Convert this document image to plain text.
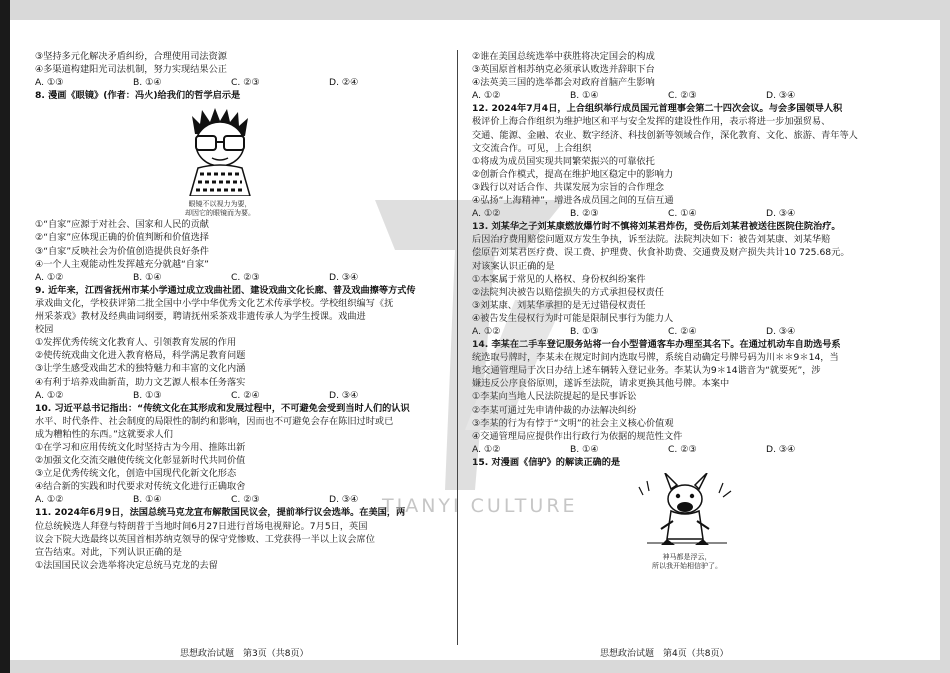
③坚持多元化解决矛盾纠纷，合理使用司法资源
④多渠道构建阳光司法机制，努力实现结果公正
A. ①③	B. ①④	C. ②③	D. ②④
8. 漫画《眼镜》(作者：冯火)给我们的哲学启示是
眼镜不以视力为要，
却因它的眼镜而为要。
①“自家”应源于对社会、国家和人民的贡献
②“自家”应体现正确的价值判断和价值选择
③“自家”反映社会为价值创造提供良好条件
④一个人主观能动性发挥越充分就越“自家”
A. ①②	B. ①④	C. ②③	D. ③④
9. 近年来，江西省抚州市某小学通过成立戏曲社团、建设戏曲文化长廊、普及戏曲擦等方式传
承戏曲文化，学校获评第二批全国中小学中华优秀文化艺术传承学校。学校组织编写《抚
州采茶戏》教材及经典曲词纲要，聘请抚州采茶戏非遗传承人为学生授课。戏曲进
校园
①发挥优秀传统文化教育人、引领教育发展的作用
②使传统戏曲文化进入教育格局，科学满足教育问题
③让学生感受戏曲艺术的独特魅力和丰富的文化内涵
④有利于培养戏曲新苗，助力文艺源人根本任务落实
A. ①②	B. ①③	C. ②④	D. ③④
10. 习近平总书记指出：“传统文化在其形成和发展过程中，不可避免会受到当时人们的认识
水平、时代条件、社会制度的局限性的制约和影响，因而也不可避免会存在陈旧过时或已
成为糟粕性的东西。”这就要求人们
①在学习和应用传统文化时坚持古为今用、推陈出新
②加强文化交流交融使传统文化彰显新时代共同价值
③立足优秀传统文化，创造中国现代化新文化形态
④结合新的实践和时代要求对传统文化进行正确取舍
A. ①②	B. ①④	C. ②③	D. ③④
11. 2024年6月9日，法国总统马克龙宣布解散国民议会，提前举行议会选举。在美国，两
位总统候选人拜登与特朗普于当地时间6月27日进行首场电视辩论。7月5日，英国
议会下院大选最终以英国首相苏纳克领导的保守党惨败、工党获得一半以上议会席位
宣告结束。对此，下列认识正确的是
①法国国民议会选举将决定总统马克龙的去留
②谁在美国总统选举中获胜将决定国会的构成
③英国原首相苏纳克必须承认败选并辞职下台
④法英美三国的选举都会对政府首脑产生影响
A. ①②	B. ①④	C. ②③	D. ③④
12. 2024年7月4日，上合组织举行成员国元首理事会第二十四次会议。与会多国领导人积
极评价上海合作组织为维护地区和平与安全发挥的建设性作用，表示将进一步加强贸易、
交通、能源、金融、农业、数字经济、科技创新等领域合作，深化教育、文化、旅游、青年等人
文交流合作。可见，上合组织
①将成为成员国实现共同繁荣振兴的可靠依托
②创新合作模式，提高在维护地区稳定中的影响力
③践行以对话合作、共谋发展为宗旨的合作理念
④弘扬“上海精神”，增进各成员国之间的互信互通
A. ①②	B. ②③	C. ①④	D. ③④
13. 刘某华之子刘某康燃放爆竹时不慎将刘某君炸伤，受伤后刘某君被送往医院住院治疗。
后因治疗费用赔偿问题双方发生争执，诉至法院。法院判决如下：被告刘某康、刘某华赔
偿原告刘某君医疗费、误工费、护理费、伙食补助费、交通费及财产损失共计10 725.68元。
对该案认识正确的是
①本案属于常见的人格权、身份权纠纷案件
②法院判决被告以赔偿损失的方式承担侵权责任
③刘某康、刘某华承担的是无过错侵权责任
④被告发生侵权行为时可能是限制民事行为能力人
A. ①②	B. ①③	C. ②④	D. ③④
14. 李某在二手车登记服务站将一台小型普通客车办理至其名下。在通过机动车自助选号系
统选取号牌时，李某未在规定时间内选取号牌，系统自动确定号牌号码为川＊＊9＊14，当
地交通管理局于次日办结上述车辆转入登记业务。李某认为9＊14谐音为“就要死”，涉
嫌违反公序良俗原则，遂诉至法院，请求更换其他号牌。本案中
①李某向当地人民法院提起的是民事诉讼
②李某可通过先申请仲裁的办法解决纠纷
③李某的行为有悖于“文明”的社会主义核心价值观
④交通管理局应提供作出行政行为依据的规范性文件
A. ①②	B. ①④	C. ②③	D. ③④
15. 对漫画《信驴》的解读正确的是
神马都是浮云，
所以我开始相信驴了。
思想政治试题　第3页（共8页）	思想政治试题　第4页（共8页）
TIANYI CULTURE
